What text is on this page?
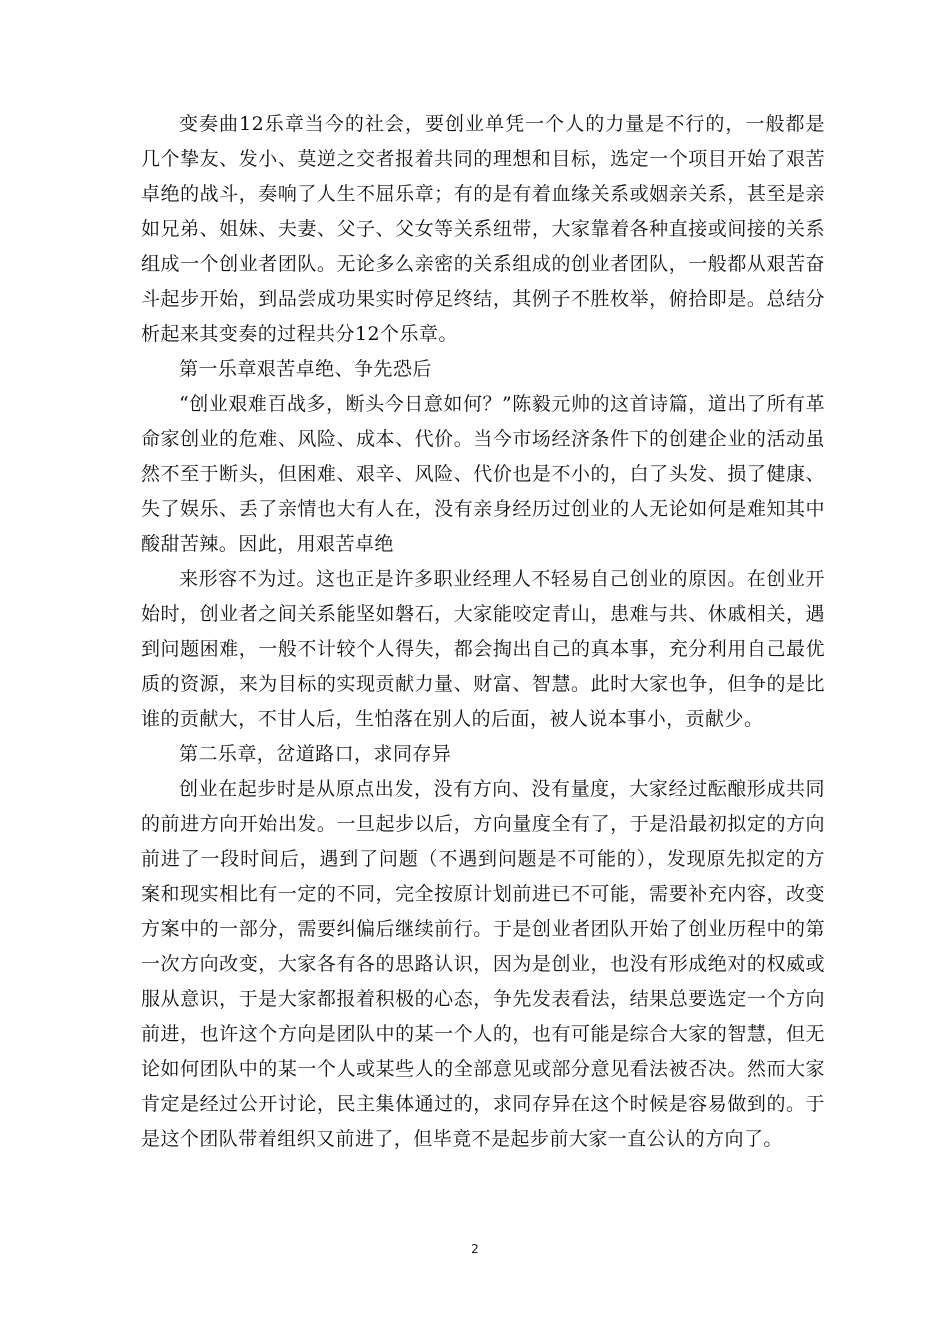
变奏曲12乐章当今的社会，要创业单凭一个人的力量是不行的，一般都是几个挚友、发小、莫逆之交者报着共同的理想和目标，选定一个项目开始了艰苦卓绝的战斗，奏响了人生不屈乐章；有的是有着血缘关系或姻亲关系，甚至是亲如兄弟、姐妹、夫妻、父子、父女等关系纽带，大家靠着各种直接或间接的关系组成一个创业者团队。无论多么亲密的关系组成的创业者团队，一般都从艰苦奋斗起步开始，到品尝成功果实时停足终结，其例子不胜枚举，俯拾即是。总结分析起来其变奏的过程共分12个乐章。

第一乐章艰苦卓绝、争先恐后

“创业艰难百战多，断头今日意如何？”陈毅元帅的这首诗篇，道出了所有革命家创业的危难、风险、成本、代价。当今市场经济条件下的创建企业的活动虽然不至于断头，但困难、艰辛、风险、代价也是不小的，白了头发、损了健康、失了娱乐、丢了亲情也大有人在，没有亲身经历过创业的人无论如何是难知其中酸甜苦辣。因此，用艰苦卓绝

来形容不为过。这也正是许多职业经理人不轻易自己创业的原因。在创业开始时，创业者之间关系能坚如磐石，大家能咬定青山，患难与共、休戚相关，遇到问题困难，一般不计较个人得失，都会掏出自己的真本事，充分利用自己最优质的资源，来为目标的实现贡献力量、财富、智慧。此时大家也争，但争的是比谁的贡献大，不甘人后，生怕落在别人的后面，被人说本事小，贡献少。

第二乐章，岔道路口，求同存异

创业在起步时是从原点出发，没有方向、没有量度，大家经过酝酿形成共同的前进方向开始出发。一旦起步以后，方向量度全有了，于是沿最初拟定的方向前进了一段时间后，遇到了问题（不遇到问题是不可能的），发现原先拟定的方案和现实相比有一定的不同，完全按原计划前进已不可能，需要补充内容，改变方案中的一部分，需要纠偏后继续前行。于是创业者团队开始了创业历程中的第一次方向改变，大家各有各的思路认识，因为是创业，也没有形成绝对的权威或服从意识，于是大家都报着积极的心态，争先发表看法，结果总要选定一个方向前进，也许这个方向是团队中的某一个人的，也有可能是综合大家的智慧，但无论如何团队中的某一个人或某些人的全部意见或部分意见看法被否决。然而大家肯定是经过公开讨论，民主集体通过的，求同存异在这个时候是容易做到的。于是这个团队带着组织又前进了，但毕竟不是起步前大家一直公认的方向了。

2
